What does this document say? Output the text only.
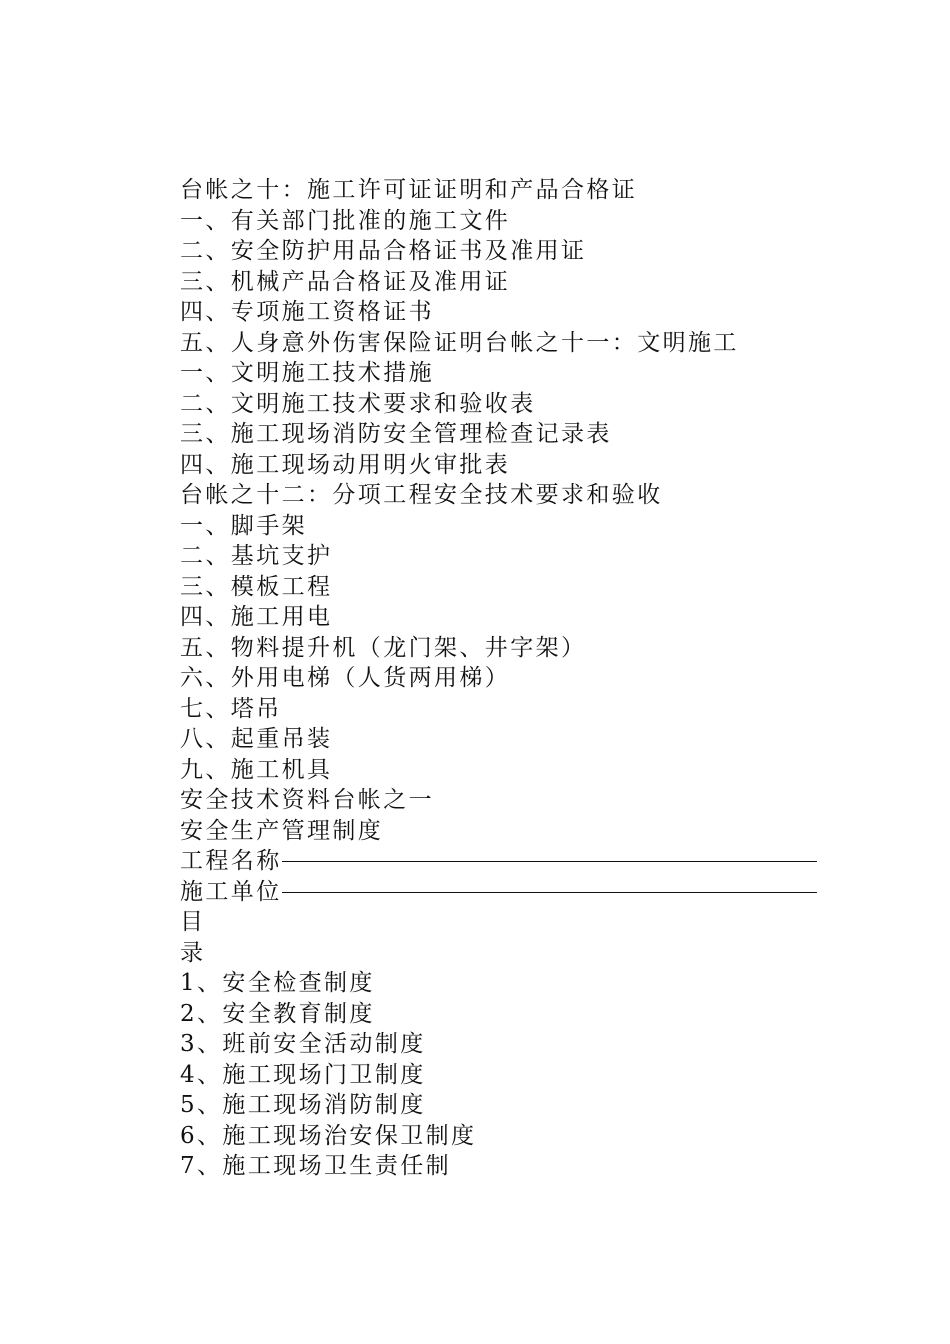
台帐之十：施工许可证证明和产品合格证
一、有关部门批准的施工文件
二、安全防护用品合格证书及准用证
三、机械产品合格证及准用证
四、专项施工资格证书
五、人身意外伤害保险证明台帐之十一：文明施工
一、文明施工技术措施
二、文明施工技术要求和验收表
三、施工现场消防安全管理检查记录表
四、施工现场动用明火审批表
台帐之十二：分项工程安全技术要求和验收
一、脚手架
二、基坑支护
三、模板工程
四、施工用电
五、物料提升机（龙门架、井字架）
六、外用电梯（人货两用梯）
七、塔吊
八、起重吊装
九、施工机具
安全技术资料台帐之一
安全生产管理制度
工程名称
施工单位
目
录
1、安全检查制度
2、安全教育制度
3、班前安全活动制度
4、施工现场门卫制度
5、施工现场消防制度
6、施工现场治安保卫制度
7、施工现场卫生责任制
